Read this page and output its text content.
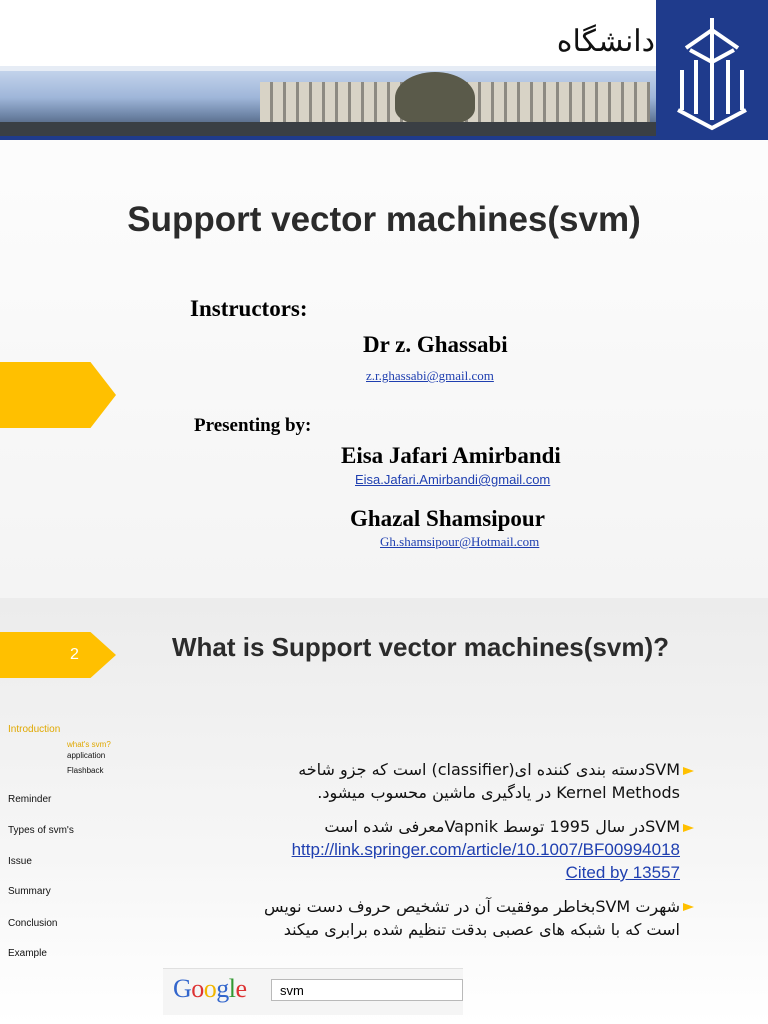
دانشگاه
Support vector machines(svm)
Instructors:
Dr z. Ghassabi
z.r.ghassabi@gmail.com
Presenting by:
Eisa Jafari Amirbandi
Eisa.Jafari.Amirbandi@gmail.com
Ghazal Shamsipour
Gh.shamsipour@Hotmail.com
2	What is Support vector machines(svm)?
Introduction
what's svm?
application
Flashback
Reminder
Types of svm's
Issue
Summary
Conclusion
Example
SVMدسته بندی کننده ای(classifier) است که جزو شاخه
Kernel Methods در یادگیری ماشین محسوب میشود.
SVMدر سال 1995 توسط Vapnikمعرفی شده است
http://link.springer.com/article/10.1007/BF00994018
Cited by 13557
شهرت SVMبخاطر موفقیت آن در تشخیص حروف دست نویس
است که با شبکه های عصبی بدقت تنظیم شده برابری میکند
Google	svm
